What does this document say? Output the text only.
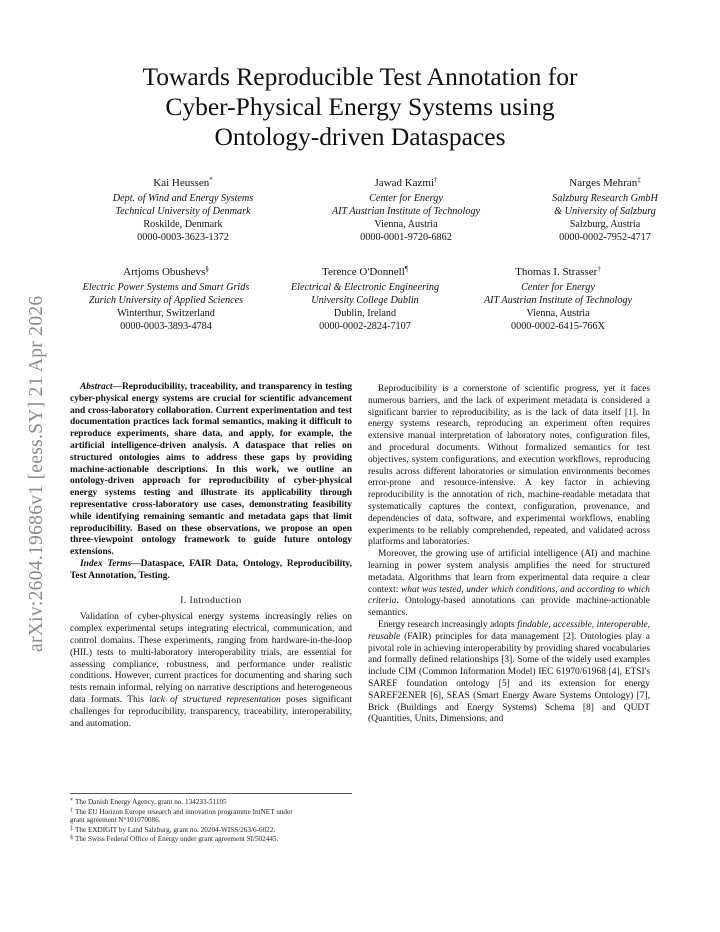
arXiv:2604.19686v1 [eess.SY] 21 Apr 2026
Towards Reproducible Test Annotation for
Cyber-Physical Energy Systems using
Ontology-driven Dataspaces
Kai Heussen*
Dept. of Wind and Energy Systems
Technical University of Denmark
Roskilde, Denmark
0000-0003-3623-1372
Jawad Kazmi†
Center for Energy
AIT Austrian Institute of Technology
Vienna, Austria
0000-0001-9720-6862
Narges Mehran‡
Salzburg Research GmbH
& University of Salzburg
Salzburg, Austria
0000-0002-7952-4717
Artjoms Obushevs§
Electric Power Systems and Smart Grids
Zurich University of Applied Sciences
Winterthur, Switzerland
0000-0003-3893-4784
Terence O'Donnell¶
Electrical & Electronic Engineering
University College Dublin
Dublin, Ireland
0000-0002-2824-7107
Thomas I. Strasser†
Center for Energy
AIT Austrian Institute of Technology
Vienna, Austria
0000-0002-6415-766X

Abstract—Reproducibility, traceability, and transparency in testing cyber-physical energy systems are crucial for scientific advancement and cross-laboratory collaboration. Current experimentation and test documentation practices lack formal semantics, making it difficult to reproduce experiments, share data, and apply, for example, the artificial intelligence-driven analysis. A dataspace that relies on structured ontologies aims to address these gaps by providing machine-actionable descriptions. In this work, we outline an ontology-driven approach for reproducibility of cyber-physical energy systems testing and illustrate its applicability through representative cross-laboratory use cases, demonstrating feasibility while identifying remaining semantic and metadata gaps that limit reproducibility. Based on these observations, we propose an open three-viewpoint ontology framework to guide future ontology extensions.

Index Terms—Dataspace, FAIR Data, Ontology, Reproducibility, Test Annotation, Testing.

I. Introduction

Validation of cyber-physical energy systems increasingly relies on complex experimental setups integrating electrical, communication, and control domains. These experiments, ranging from hardware-in-the-loop (HIL) tests to multi-laboratory interoperability trials, are essential for assessing compliance, robustness, and performance under realistic conditions. However, current practices for documenting and sharing such tests remain informal, relying on narrative descriptions and heterogeneous data formats. This lack of structured representation poses significant challenges for reproducibility, transparency, traceability, interoperability, and automation.

* The Danish Energy Agency, grant no. 134233-51105
† The EU Horizon Europe research and innovation programme IntNET under
grant agreement N°101070086.
‡ The EXDIGIT by Land Salzburg, grant no. 20204-WISS/263/6-6022.
§ The Swiss Federal Office of Energy under grant agreement SI/502445.

Reproducibility is a cornerstone of scientific progress, yet it faces numerous barriers, and the lack of experiment metadata is considered a significant barrier to reproducibility, as is the lack of data itself [1]. In energy systems research, reproducing an experiment often requires extensive manual interpretation of laboratory notes, configuration files, and procedural documents. Without formalized semantics for test objectives, system configurations, and execution workflows, reproducing results across different laboratories or simulation environments becomes error-prone and resource-intensive. A key factor in achieving reproducibility is the annotation of rich, machine-readable metadata that systematically captures the context, configuration, provenance, and dependencies of data, software, and experimental workflows, enabling experiments to be reliably comprehended, repeated, and validated across platforms and laboratories.

Moreover, the growing use of artificial intelligence (AI) and machine learning in power system analysis amplifies the need for structured metadata. Algorithms that learn from experimental data require a clear context: what was tested, under which conditions, and according to which criteria. Ontology-based annotations can provide machine-actionable semantics.

Energy research increasingly adopts findable, accessible, interoperable, reusable (FAIR) principles for data management [2]. Ontologies play a pivotal role in achieving interoperability by providing shared vocabularies and formally defined relationships [3]. Some of the widely used examples include CIM (Common Information Model) IEC 61970/61968 [4], ETSI's SAREF foundation ontology [5] and its extension for energy SAREF2ENER [6], SEAS (Smart Energy Aware Systems Ontology) [7], Brick (Buildings and Energy Systems) Schema [8] and QUDT (Quantities, Units, Dimensions, and
